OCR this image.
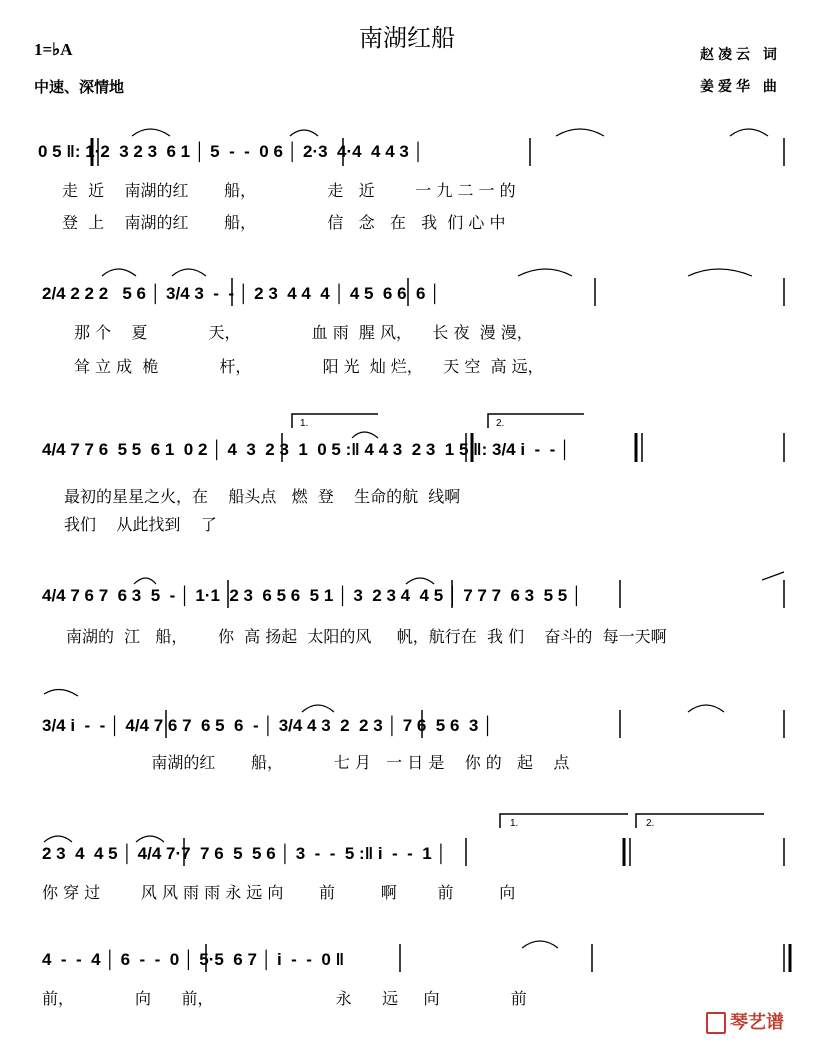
南湖红船
1=♭A
中速、深情地
赵凌云 词
姜爱华 曲
1.	2.
1.	2.
0 5 ‖: 1·2  3 2 3  6 1 │ 5  -  -  0 6 │ 2·3  4·4  4 4 3 │
走  近    南湖的红       船，              走   近        一 九 二 一 的
登  上    南湖的红       船，              信   念   在   我  们 心 中
2/4 2 2 2   5 6 │ 3/4 3  -  - │ 2 3  4 4  4 │ 4 5  6 6  6 │
那 个    夏            天，              血 雨  腥 风，    长 夜  漫 漫，
耸 立 成  桅            杆，              阳 光  灿 烂，    天 空  高 远，
4/4 7 7 6  5 5  6 1  0 2 │ 4  3  2 3  1  0 5 :‖ 4 4 3  2 3  1 5 ‖: 3/4 i  -  - │
最初的星星之火，在    船头点   燃  登    生命的航  线啊
我们    从此找到    了
4/4 7 6 7  6 3  5  - │ 1·1  2 3  6 5 6  5 1 │ 3  2 3 4  4 5 │ 7 7 7  6 3  5 5 │
南湖的  江   船，      你  高 扬起  太阳的风     帆，航行在  我 们    奋斗的  每一天啊
3/4 i  -  - │ 4/4 7 6 7  6 5  6  - │ 3/4 4 3  2  2 3 │ 7 6  5 6  3 │
南湖的红       船，          七 月   一 日 是    你 的   起    点
2 3  4  4 5 │ 4/4 7·7  7 6  5  5 6 │ 3  -  -  5 :‖ i  -  -  1 │
你 穿 过        风 风 雨 雨 永 远 向       前         啊        前         向
4  -  -  4 │ 6  -  -  0 │ 5·5  6 7 │ i  -  -  0 ‖
前，            向      前，                        永      远     向              前
琴艺谱
